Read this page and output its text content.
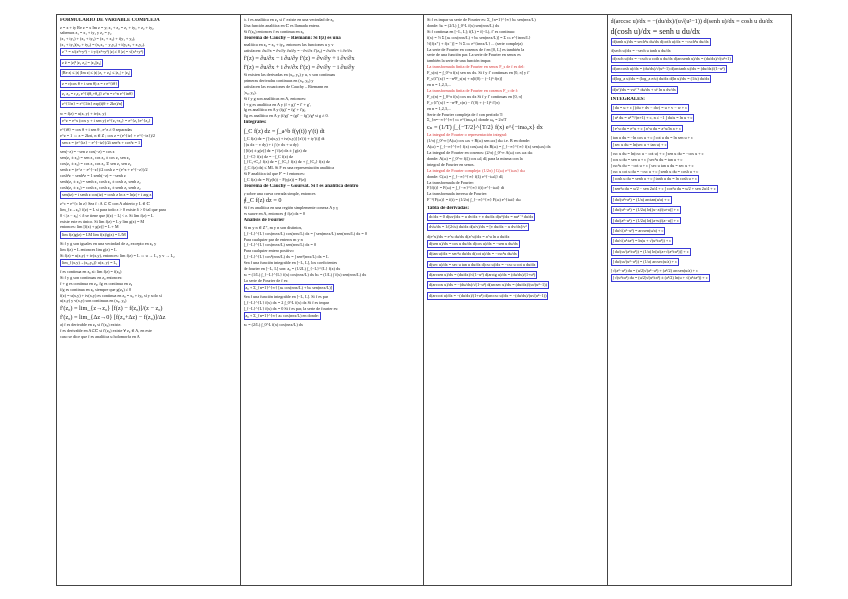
FORMULARIO DE VARIABLE COMPLEJA
z = x + iy Re z = x Im z = y; z₁ + z₂ = z₁ + iy₁ + z₂ + iy₂
sabemos z₁ = x₁ + iy₁ y z₂ = y₂
(x₁ + iy₁) + (x₂ + iy₂) = (x₁ + x₂) + i(y₁ + y₂),
(x₁ + iy₁)(x₂ + iy₂) = (x₁x₂ − y₁y₂) + i(y₁x₂ + x₁y₂).
z⁻¹ = x/(x²+y²) − i·y/(x²+y²) |z| ≠ 0 |z| = √(x²+y²)
z z̄ = |z|² |z₁ z₂| = |z₁||z₂|
|Re z| ≤ |z| |Im z| ≤ |z| |z₁ + z₂| ≤ |z₁| + |z₂|
z = r(cos θ + i sen θ) z = r e^{iθ}
z₁ z₂ = r₁r₂ e^{i(θ₁+θ₂)} z^n = r^n e^{inθ}
z^{1/n} = r^{1/n} exp[i(θ + 2kπ)/n]
w = f(z) = u(x, y) + iv(x, y)
e^z = e^x (cos y + i sen y) e^{z₁+z₂} = e^{z₁}e^{z₂}
e^{iθ} = cos θ + i sen θ , e^z ≠ 0 separadas
e^z = 1 ⇔ z = 2kπi, n ∈ Z ; cos z = (e^{iz} + e^{−iz})/2
sen z = (e^{iz} − e^{−iz})/2i sen²z + cos²z = 1
sen(−z) = −sen z cos(−z) = cos z
sen(z₁ ± z₂) = sen z₁ cos z₂ ± cos z₁ sen z₂
cos(z₁ ± z₂) = cos z₁ cos z₂ ∓ sen z₁ sen z₂
senh z = (e^z − e^{−z})/2 cosh z = (e^z + e^{−z})/2
cosh²z − senh²z = 1 senh(−z) = −senh z
senh(z₁ ± z₂) = senh z₁ cosh z₂ ± cosh z₁ senh z₂
cosh(z₁ ± z₂) = cosh z₁ cosh z₂ ± senh z₁ senh z₂
sen(iz) = i senh z cos(iz) = cosh z ln z = ln|z| + i arg z
z^c = e^{c ln z} Sea f : A ⊂ ℂ con A abierto y L ∈ ℂ
lim_{z→z₀} f(z) = L si para todo ε > 0 existe δ > 0 tal que para
0 < |z − z₀| < δ se tiene que |f(z) − L| < ε. Si lim f(z) = L
existe este es único. Si lim f(z) = L y lim g(z) = M
entonces: lim [f(z) + g(z)] = L + M
lim f(z)g(z) = LM lim f(z)/g(z) = L/M
Si f y g son iguales en una vecindad de z₀ excepto en z₀ y
lim f(z) = L entonces lim g(z) = L
Si f(z) = u(x,y) + iv(x,y), entonces: lim f(z) = L ⇔ u → L₁ y v → L₂
lim_{(x,y)→(x₀,y₀)} u(x, y) = L₁
f es continua en z₀ si: lim f(z) = f(z₀)
Si f y g son continuas en z₀ entonces:
f + g es continua en z₀, fg es continua en z₀
f/g es continua en z₀ siempre que g(z₀) ≠ 0
f(z) = u(x,y) + iv(x,y) es continua en z₀ = x₀ + iy₀ sí y solo sí
u(x,y) y v(x,y) son continuas en (x₀, y₀)
f′(z₀) = lim_{z→z₀} [f(z) − f(z₀)]/(z − z₀)
f′(z₀) = lim_{Δz→0} [f(z₀+Δz) − f(z₀)]/Δz
a) f es derivable en z₀ si f′(z₀) existe.
f es derivable en A⊂ℂ si f′(z₀) existe ∀ z₀ ∈ A, en este
caso se dice que f es analítica u holomorfa en A
b. f es analítica en z₀ si f′ existe en una vecindad de z₀
Una función analítica en ℂ es llamada entera.
Si f′(z₀) entonces f es continua en z₀
Teorema de Cauchy – Riemann: Si f(z) es una
analítica en z₀ = x₀ + iy₀, entonces las funciones u y v
satisfacen: ∂u/∂x = ∂v/∂y ∂u/∂y = −∂v/∂x f′(z₀) = ∂u/∂x + i ∂v/∂x
f′(z) = ∂u/∂x − i ∂u/∂y f′(z) = ∂v/∂y + i ∂v/∂x
f′(z) = ∂u/∂x + i ∂v/∂x f′(z) = ∂v/∂y − i ∂u/∂y
Si existen las derivadas en (x₀, y₀) y u, v son continuas
primeras derivadas continuas en (x₀, y₀) y
satisfacen las ecuaciones de Cauchy – Riemann en
(x₀, y₀).
Si f y g son analíticas en A, entonces:
f + g es analítica en A y (f + g)′ = f′ + g′,
fg es analítica en A y (fg)′ = fg′ + f′g,
f/g es analítica en A y (f/g)′ = (gf′ − fg′)/g² si g ≠ 0.
Integrales:
∫_C f(z) dz = ∫_a^b f(γ(t)) γ′(t) dt
∫_C f(z) dz = ∫ [u(x,y) + iv(x,y)] [x′(t) + iy′(t)] dt
∫ (u dx − v dy) + i ∫ (v dx + u dy)
∫ [f(z) ± g(z)] dz = ∫ f(z) dz ± ∫ g(z) dz
∫_{−C} f(z) dz = −∫_C f(z) dz
∫_{C₁+C₂} f(z) dz = ∫_{C₁} f(z) dz + ∫_{C₂} f(z) dz
|∫_C f(z) dz| ≤ ML Si F es una representación analítica
Si F analítica tal que F′ = f entonces:
∫_C f(z) dz = F(γ(b)) − F(γ(a)) = F(z)|
Teorema de Cauchy – Goursat. Si f es analítica dentro
y sobre una curva cerrada simple, entonces
∮_C f(z) dz = 0
Si f es analítica en una región simplemente conexa A y γ
es suave en A, entonces ∮ f(z) dz = 0
Análisis de Fourier
Si m y n ∈ Z⁺, m y n son distintos,
∫_{−L}^{L} cos(mπx/L) cos(nπx/L) dx = ∫ sen(mπx/L) sen(nπx/L) dx = 0
Para cualquier par de enteros m y n
∫_{−L}^{L} cos(mπx/L) sen(nπx/L) dx = 0
Para cualquier entero positivo
∫_{−L}^{L} cos²(nπx/L) dx = ∫ sen²(nπx/L) dx = L
Sea f una función integrable en [−L, L], los coeficientes
de fourier en [−L, L] son: a₀ = (1/2L) ∫_{−L}^{L} f(x) dx
aₙ = (1/L) ∫_{−L}^{L} f(x) cos(nπx/L) dx bₙ = (1/L) ∫ f(x) sen(nπx/L) dx
La serie de Fourier de f es:
a₀ + Σ_{n=1}^{∞} [aₙ cos(nπx/L) + bₙ sen(nπx/L)]
Sea f una función integrable en [−L, L]. Si f es par
∫_{−L}^{L} f(x) dx = 2 ∫_0^L f(x) dx Si f es impar
∫_{−L}^{L} f(x) dx = 0 Si f es par, la serie de fourier es:
a₀ + Σ_{n=1}^{∞} aₙ cos(nπx/L) en donde:
aₙ = (2/L) ∫_0^L f(x) cos(nπx/L) dx
Si f es impar su serie de Fourier es: Σ_{n=1}^{∞} bₙ sen(nπx/L)
donde: bₙ = (2/L) ∫_0^L f(x) sen(nπx/L) dx
Si f continua en [−L, L]; f(L) = f(−L), f′ es continua:
f(x) = ½ Σ [aₙ cos(nπx/L) + bₙ sen(nπx/L)] = Σ cₙ e^{inπx/L}
½[f(x⁺) + f(x⁻)] = ½ Σ cₙ e^{inπx/L} ... (serie compleja)
La serie de Fourier en cosenos de f en [0, L] es también la
serie de una función par. La serie de Fourier en senos es
también la serie de una función impar.
La transformada finita de Fourier en senos F_s de f es del:
F_s(n) = ∫_0^π f(x) sen nx dx. Si f y f′ continuas en [0, π] y f′
F_s{f″(x)} = −n²F_s(n) + n[f(0) − (−1)ⁿ f(π)]
en n = 1,2,3,...
La transformada finita de Fourier en cosenos F_c de f:
F_c(n) = ∫_0^π f(x) cos nx dx Si f y f′ continuas en [0, π]
F_c{f″(x)} = −n²F_c(n) − f′(0) + (−1)ⁿ f′(π)
en n = 1,2,3,...
Serie de Fourier compleja de f con período T:
Σ_{n=−∞}^{∞} cₙ e^{inω₀x} donde ω₀ = 2π/T
cₙ = (1/T) ∫_{−T/2}^{T/2} f(x) e^{−inω₀x} dx
La integral de Fourier o representación integral:
(1/π) ∫_0^∞ [A(ω) cos ωx + B(ω) sen ωx] dω i.e. B en donde:
A(ω) = ∫_{−∞}^{∞} f(x) cos(ωx) dx B(ω) = ∫_{−∞}^{∞} f(x) sen(ωx) dx
La integral de Fourier en cosenos: (2/π) ∫_0^∞ A(ω) cos ωx dω
donde: A(ω) = ∫_0^∞ f(ξ) cos ωξ dξ para la misma con la
integral de Fourier en senos.
La integral de Fourier compleja: (1/2π) ∫ C(ω) e^{iωx} dω
donde: C(ω) = ∫_{−∞}^{∞} f(ξ) e^{−iωξ} dξ
La transformada de Fourier:
F{f(t)} = F(ω) = ∫_{−∞}^{∞} f(t) e^{−iωt} dt
La transformada inversa de Fourier:
F⁻¹{F(ω)} = f(t) = (1/2π) ∫_{−∞}^{∞} F(ω) e^{iωt} dω
Tabla de derivadas:
dc/dx = 0 d(uv)/dx = u dv/dx + v du/dx d(uⁿ)/dx = nuⁿ⁻¹ du/dx
d√u/dx = 1/(2√u) du/dx d(u/v)/dx = [v du/dx − u dv/dx]/v²
d(e^u)/dx = e^u du/dx d(a^u)/dx = a^u ln a du/dx
d(sen u)/dx = cos u du/dx d(cos u)/dx = −sen u du/dx
d(tan u)/dx = sec²u du/dx d(cot u)/dx = −csc²u du/dx
d(sec u)/dx = sec u tan u du/dx d(csc u)/dx = −csc u cot u du/dx
d(arcsen u)/dx = (du/dx)/√(1−u²) d(arctg u)/dx = (du/dx)/(1+u²)
d(arccos u)/dx = −(du/dx)/√(1−u²) d(arcsec u)/dx = (du/dx)/(u√(u²−1))
d(arccot u)/dx = −(du/dx)/(1+u²) d(arccsc u)/dx = −(du/dx)/(u√(u²−1))
d(arccsc u)/dx = −(du/dx)/(u√(u²−1)) d(senh u)/dx = cosh u du/dx
d(cosh u)/dx = senh u du/dx
d(tanh u)/dx = sech²u du/dx d(coth u)/dx = −csch²u du/dx
d(sech u)/dx = −sech u tanh u du/dx
d(csch u)/dx = −csch u coth u du/dx d(arcsenh u)/dx = (du/dx)/√(u²+1)
d(arccosh u)/dx = (du/dx)/√(u²−1) d(arctanh u)/dx = (du/dx)/(1−u²)
d(log_a u)/dx = (log_a e/u) du/dx d(ln u)/dx = (1/u) du/dx
d(uᵛ)/dx = vuᵛ⁻¹ du/dx + uᵛ ln u dv/dx
INTEGRALES:
∫ du = u + c ∫ (du + dv − dw) = u + v − w + c
∫ uⁿ du = uⁿ⁺¹/(n+1) + c, n ≠ −1 ∫ du/u = ln u + c
∫ e^u du = e^u + c ∫ a^u du = a^u/ln a + c
∫ tan u du = −ln cos u + c ∫ cot u du = ln sen u + c
∫ sec u du = ln(sec u + tan u) + c
∫ csc u du = ln(csc u − cot u) + c ∫ sen u du = −cos u + c
∫ cos u du = sen u + c ∫ sec²u du = tan u + c
∫ csc²u du = −cot u + c ∫ sec u tan u du = sec u + c
∫ csc u cot u du = −csc u + c ∫ senh u du = cosh u + c
∫ cosh u du = senh u + c ∫ tanh u du = ln cosh u + c
∫ sen²u du = u/2 − sen 2u/4 + c ∫ cos²u du = u/2 + sen 2u/4 + c
∫ du/(u²+a²) = (1/a) arctan(u/a) + c
∫ du/(u²−a²) = (1/2a) ln[(u−a)/(u+a)] + c
∫ du/(a²−u²) = (1/2a) ln[(a+u)/(a−u)] + c
∫ du/√(a²−u²) = arcsen(u/a) + c
∫ du/√(u²±a²) = ln(u + √(u²±a²)) + c
∫ du/(u√(a²±u²)) = (1/a) ln[u/(a+√(a²±u²))] + c
∫ du/(u√(u²−a²)) = (1/a) arcsec(u/a) + c
∫ √(a²−u²) du = (u/2)√(a²−u²) + (a²/2) arcsen(u/a) + c
∫ √(u²±a²) du = (u/2)√(u²±a²) ± (a²/2) ln(u + √(u²±a²)) + c
